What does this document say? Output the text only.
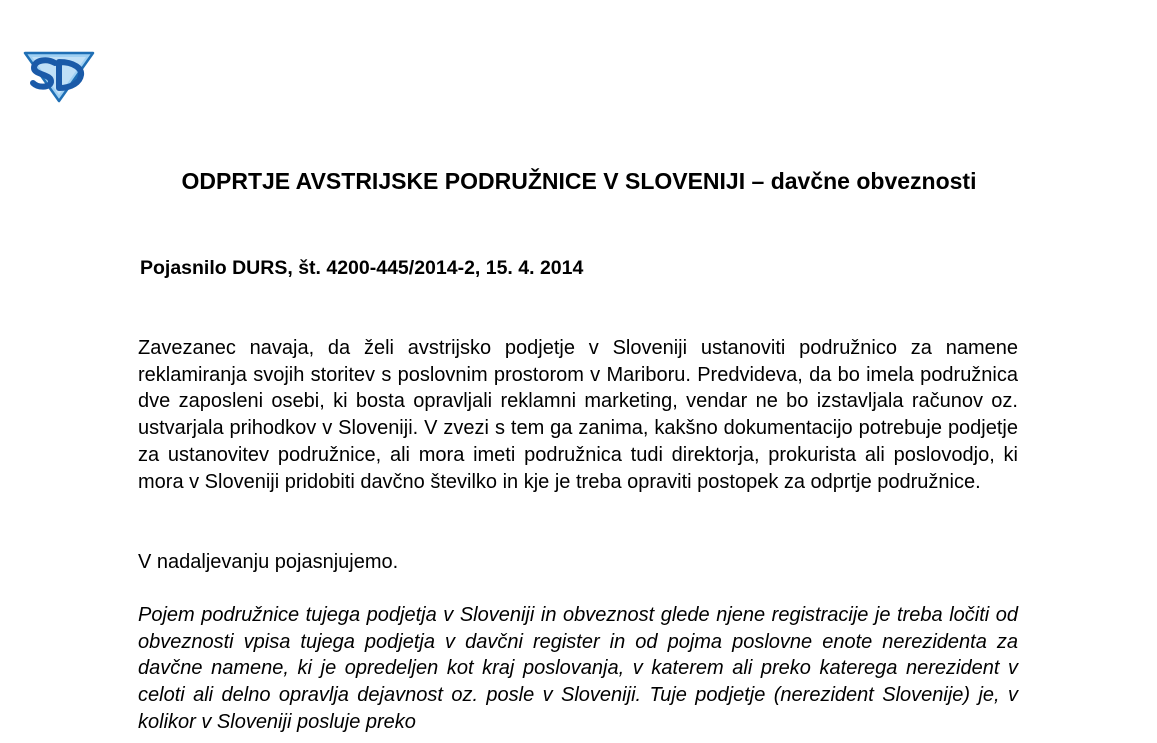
ODPRTJE AVSTRIJSKE PODRUŽNICE V SLOVENIJI – davčne obveznosti

Pojasnilo DURS, št. 4200-445/2014-2, 15. 4. 2014

Zavezanec navaja, da želi avstrijsko podjetje v Sloveniji ustanoviti podružnico za namene reklamiranja svojih storitev s poslovnim prostorom v Mariboru. Predvideva, da bo imela podružnica dve zaposleni osebi, ki bosta opravljali reklamni marketing, vendar ne bo izstavljala računov oz. ustvarjala prihodkov v Sloveniji. V zvezi s tem ga zanima, kakšno dokumentacijo potrebuje podjetje za ustanovitev podružnice, ali mora imeti podružnica tudi direktorja, prokurista ali poslovodjo, ki mora v Sloveniji pridobiti davčno številko in kje je treba opraviti postopek za odprtje podružnice.

V nadaljevanju pojasnjujemo.

Pojem podružnice tujega podjetja v Sloveniji in obveznost glede njene registracije je treba ločiti od obveznosti vpisa tujega podjetja v davčni register in od pojma poslovne enote nerezidenta za davčne namene, ki je opredeljen kot kraj poslovanja, v katerem ali preko katerega nerezident v celoti ali delno opravlja dejavnost oz. posle v Sloveniji. Tuje podjetje (nerezident Slovenije) je, v kolikor v Sloveniji posluje preko
